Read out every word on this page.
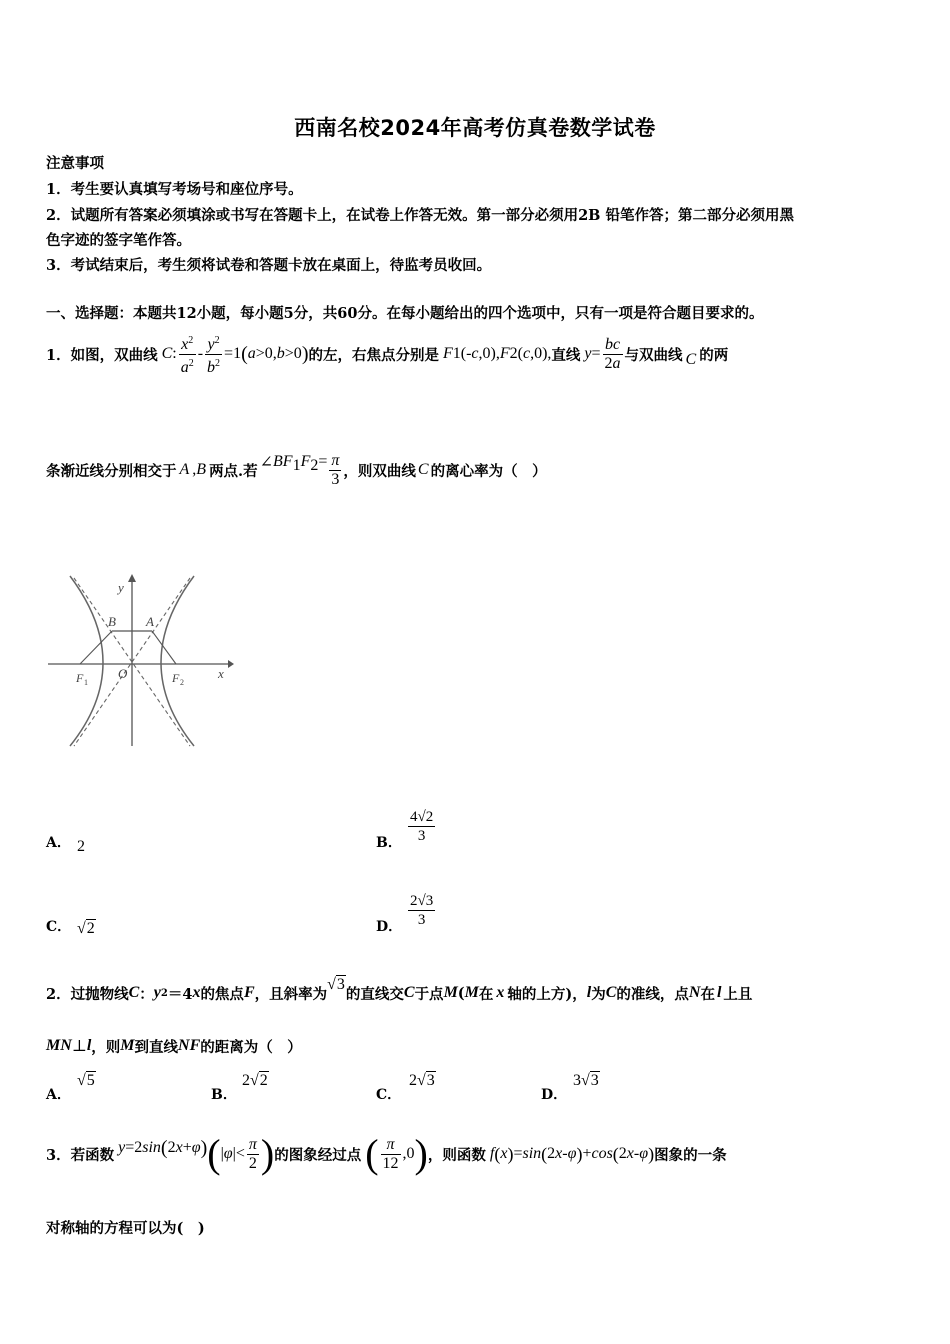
西南名校2024年高考仿真卷数学试卷
注意事项
1．考生要认真填写考场号和座位序号。
2．试题所有答案必须填涂或书写在答题卡上，在试卷上作答无效。第一部分必须用2B 铅笔作答；第二部分必须用黑
色字迹的签字笔作答。
3．考试结束后，考生须将试卷和答题卡放在桌面上，待监考员收回。
一、选择题：本题共12小题，每小题5分，共60分。在每小题给出的四个选项中，只有一项是符合题目要求的。
1．如图，双曲线 C : $\frac{x^2}{a^2} - \frac{y^2}{b^2} =1$ ( a >0, b >0 ) 的左，右焦点分别是 F 1 ( - c ,0), F 2 ( c ,0), 直线 $y = \frac{bc}{2a}$ 与双曲线 C 的两
条渐近线分别相交于 A , B 两点.若 ∠ $BF_1$ $F_2 = \frac{\pi}{3}$ ，则双曲线 C 的离心率为（　）
y
x
O
A
B
F 1	F 2
A． 2	B． $\frac{4√2}{3}$
C． √2	D． $\frac{2√3}{3}$
2．过抛物线 C ： y 2 ＝4 x 的焦点 F ，且斜率为
√3
的直线交 C 于点 M ( M 在 x 轴的上方)， l 为 C 的准线，点 N 在 l 上且
MN ⊥ l ，则 M 到直线 NF 的距离为（　）
A．
√5
B．
2√2
C．
2√3
D．
3√3
3．若函数 y =2 sin ( 2 x + φ ) ( | φ |< $\frac{\pi}{2}$ ) 的图象经过点 ( $\frac{\pi}{12} ,0$ ) ，则函数 f ( x ) = sin ( 2 x - φ ) + cos ( 2 x - φ ) 图象的一条
对称轴的方程可以为(　)
